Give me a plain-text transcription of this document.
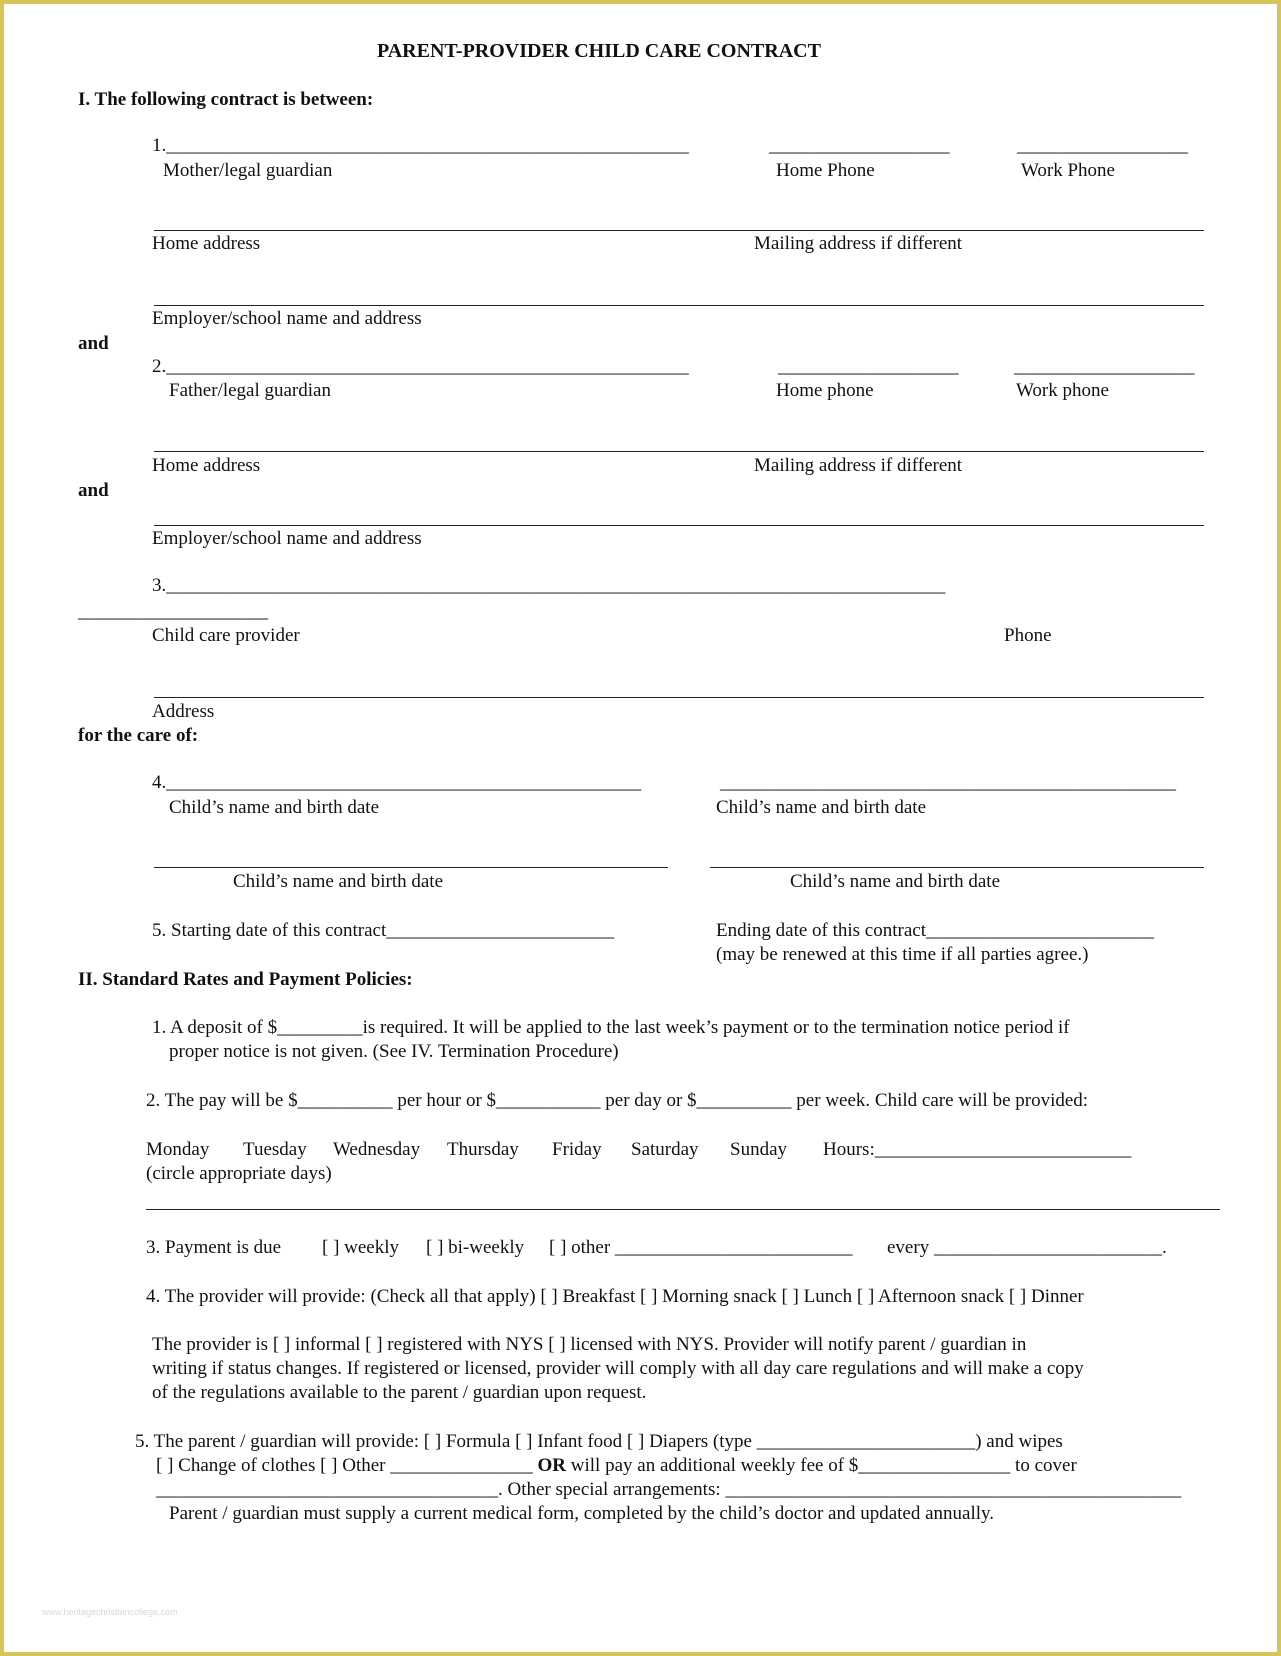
PARENT-PROVIDER CHILD CARE CONTRACT
I. The following contract is between:
1._______________________________________________________	___________________	__________________
Mother/legal guardian	Home Phone	Work Phone
Home address	Mailing address if different
Employer/school name and address
and
2._______________________________________________________	___________________	___________________
Father/legal guardian	Home phone	Work phone
Home address	Mailing address if different
and
Employer/school name and address
3.__________________________________________________________________________________
____________________
Child care provider	Phone
Address
for the care of:
4.__________________________________________________	________________________________________________
Child’s name and birth date	Child’s name and birth date
Child’s name and birth date	Child’s name and birth date
5. Starting date of this contract________________________	Ending date of this contract________________________
(may be renewed at this time if all parties agree.)
II. Standard Rates and Payment Policies:
1. A deposit of $_________is required. It will be applied to the last week’s payment or to the termination notice period if
proper notice is not given. (See IV. Termination Procedure)
2. The pay will be $__________ per hour or $___________ per day or $__________ per week. Child care will be provided:
Monday Tuesday Wednesday Thursday Friday Saturday Sunday Hours:___________________________
(circle appropriate days)
3. Payment is due [ ] weekly [ ] bi-weekly [ ] other _________________________ every ________________________.
4. The provider will provide: (Check all that apply) [ ] Breakfast [ ] Morning snack [ ] Lunch [ ] Afternoon snack [ ] Dinner
The provider is [ ] informal [ ] registered with NYS [ ] licensed with NYS. Provider will notify parent / guardian in
writing if status changes. If registered or licensed, provider will comply with all day care regulations and will make a copy
of the regulations available to the parent / guardian upon request.
5. The parent / guardian will provide: [ ] Formula [ ] Infant food [ ] Diapers (type _______________________) and wipes
[ ] Change of clothes [ ] Other _______________ OR will pay an additional weekly fee of $________________ to cover
____________________________________. Other special arrangements: ________________________________________________
Parent / guardian must supply a current medical form, completed by the child’s doctor and updated annually.
www.heritagechristiancollege.com
